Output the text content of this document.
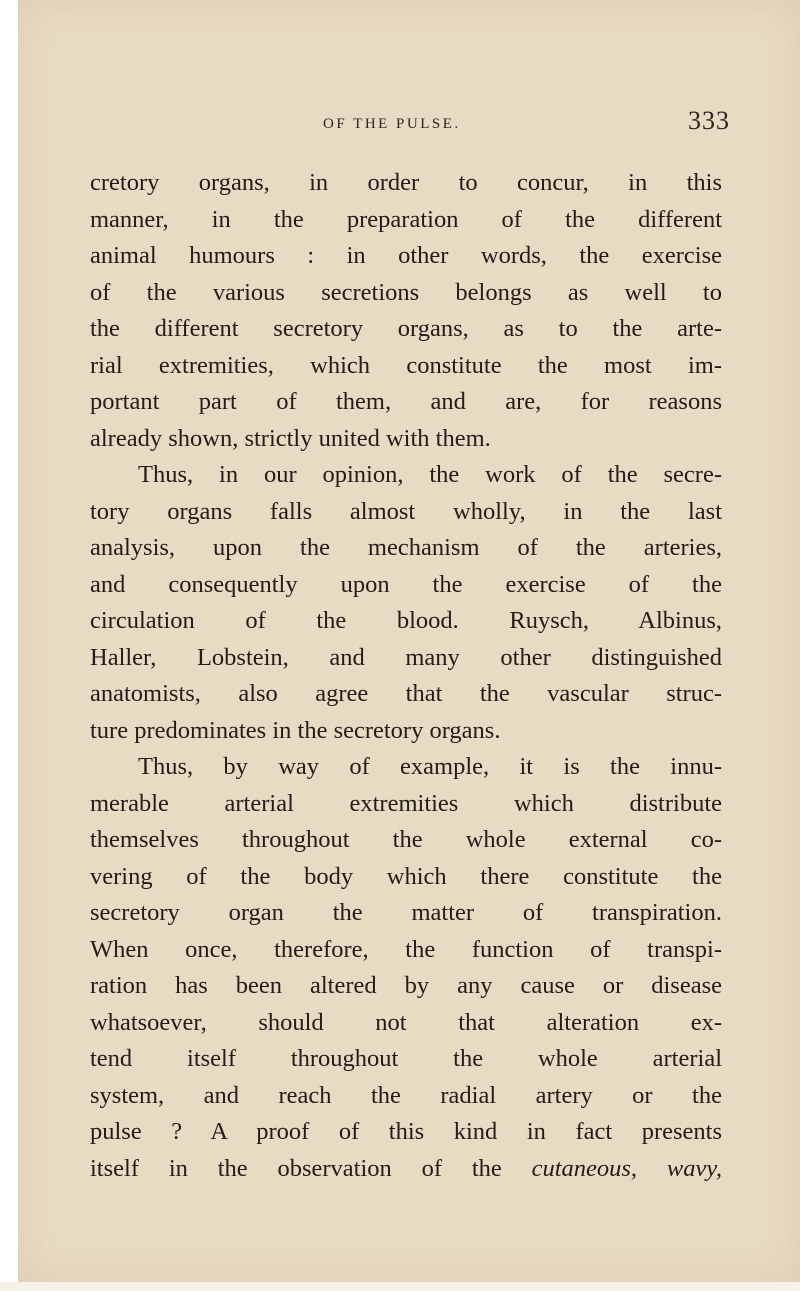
OF THE PULSE.	333
cretory organs, in order to concur, in this
manner, in the preparation of the different
animal humours : in other words, the exercise
of the various secretions belongs as well to
the different secretory organs, as to the arte-
rial extremities, which constitute the most im-
portant part of them, and are, for reasons
already shown, strictly united with them.
Thus, in our opinion, the work of the secre-
tory organs falls almost wholly, in the last
analysis, upon the mechanism of the arteries,
and consequently upon the exercise of the
circulation of the blood. Ruysch, Albinus,
Haller, Lobstein, and many other distinguished
anatomists, also agree that the vascular struc-
ture predominates in the secretory organs.
Thus, by way of example, it is the innu-
merable arterial extremities which distribute
themselves throughout the whole external co-
vering of the body which there constitute the
secretory organ the matter of transpiration.
When once, therefore, the function of transpi-
ration has been altered by any cause or disease
whatsoever, should not that alteration ex-
tend itself throughout the whole arterial
system, and reach the radial artery or the
pulse ? A proof of this kind in fact presents
itself in the observation of the cutaneous, wavy,
